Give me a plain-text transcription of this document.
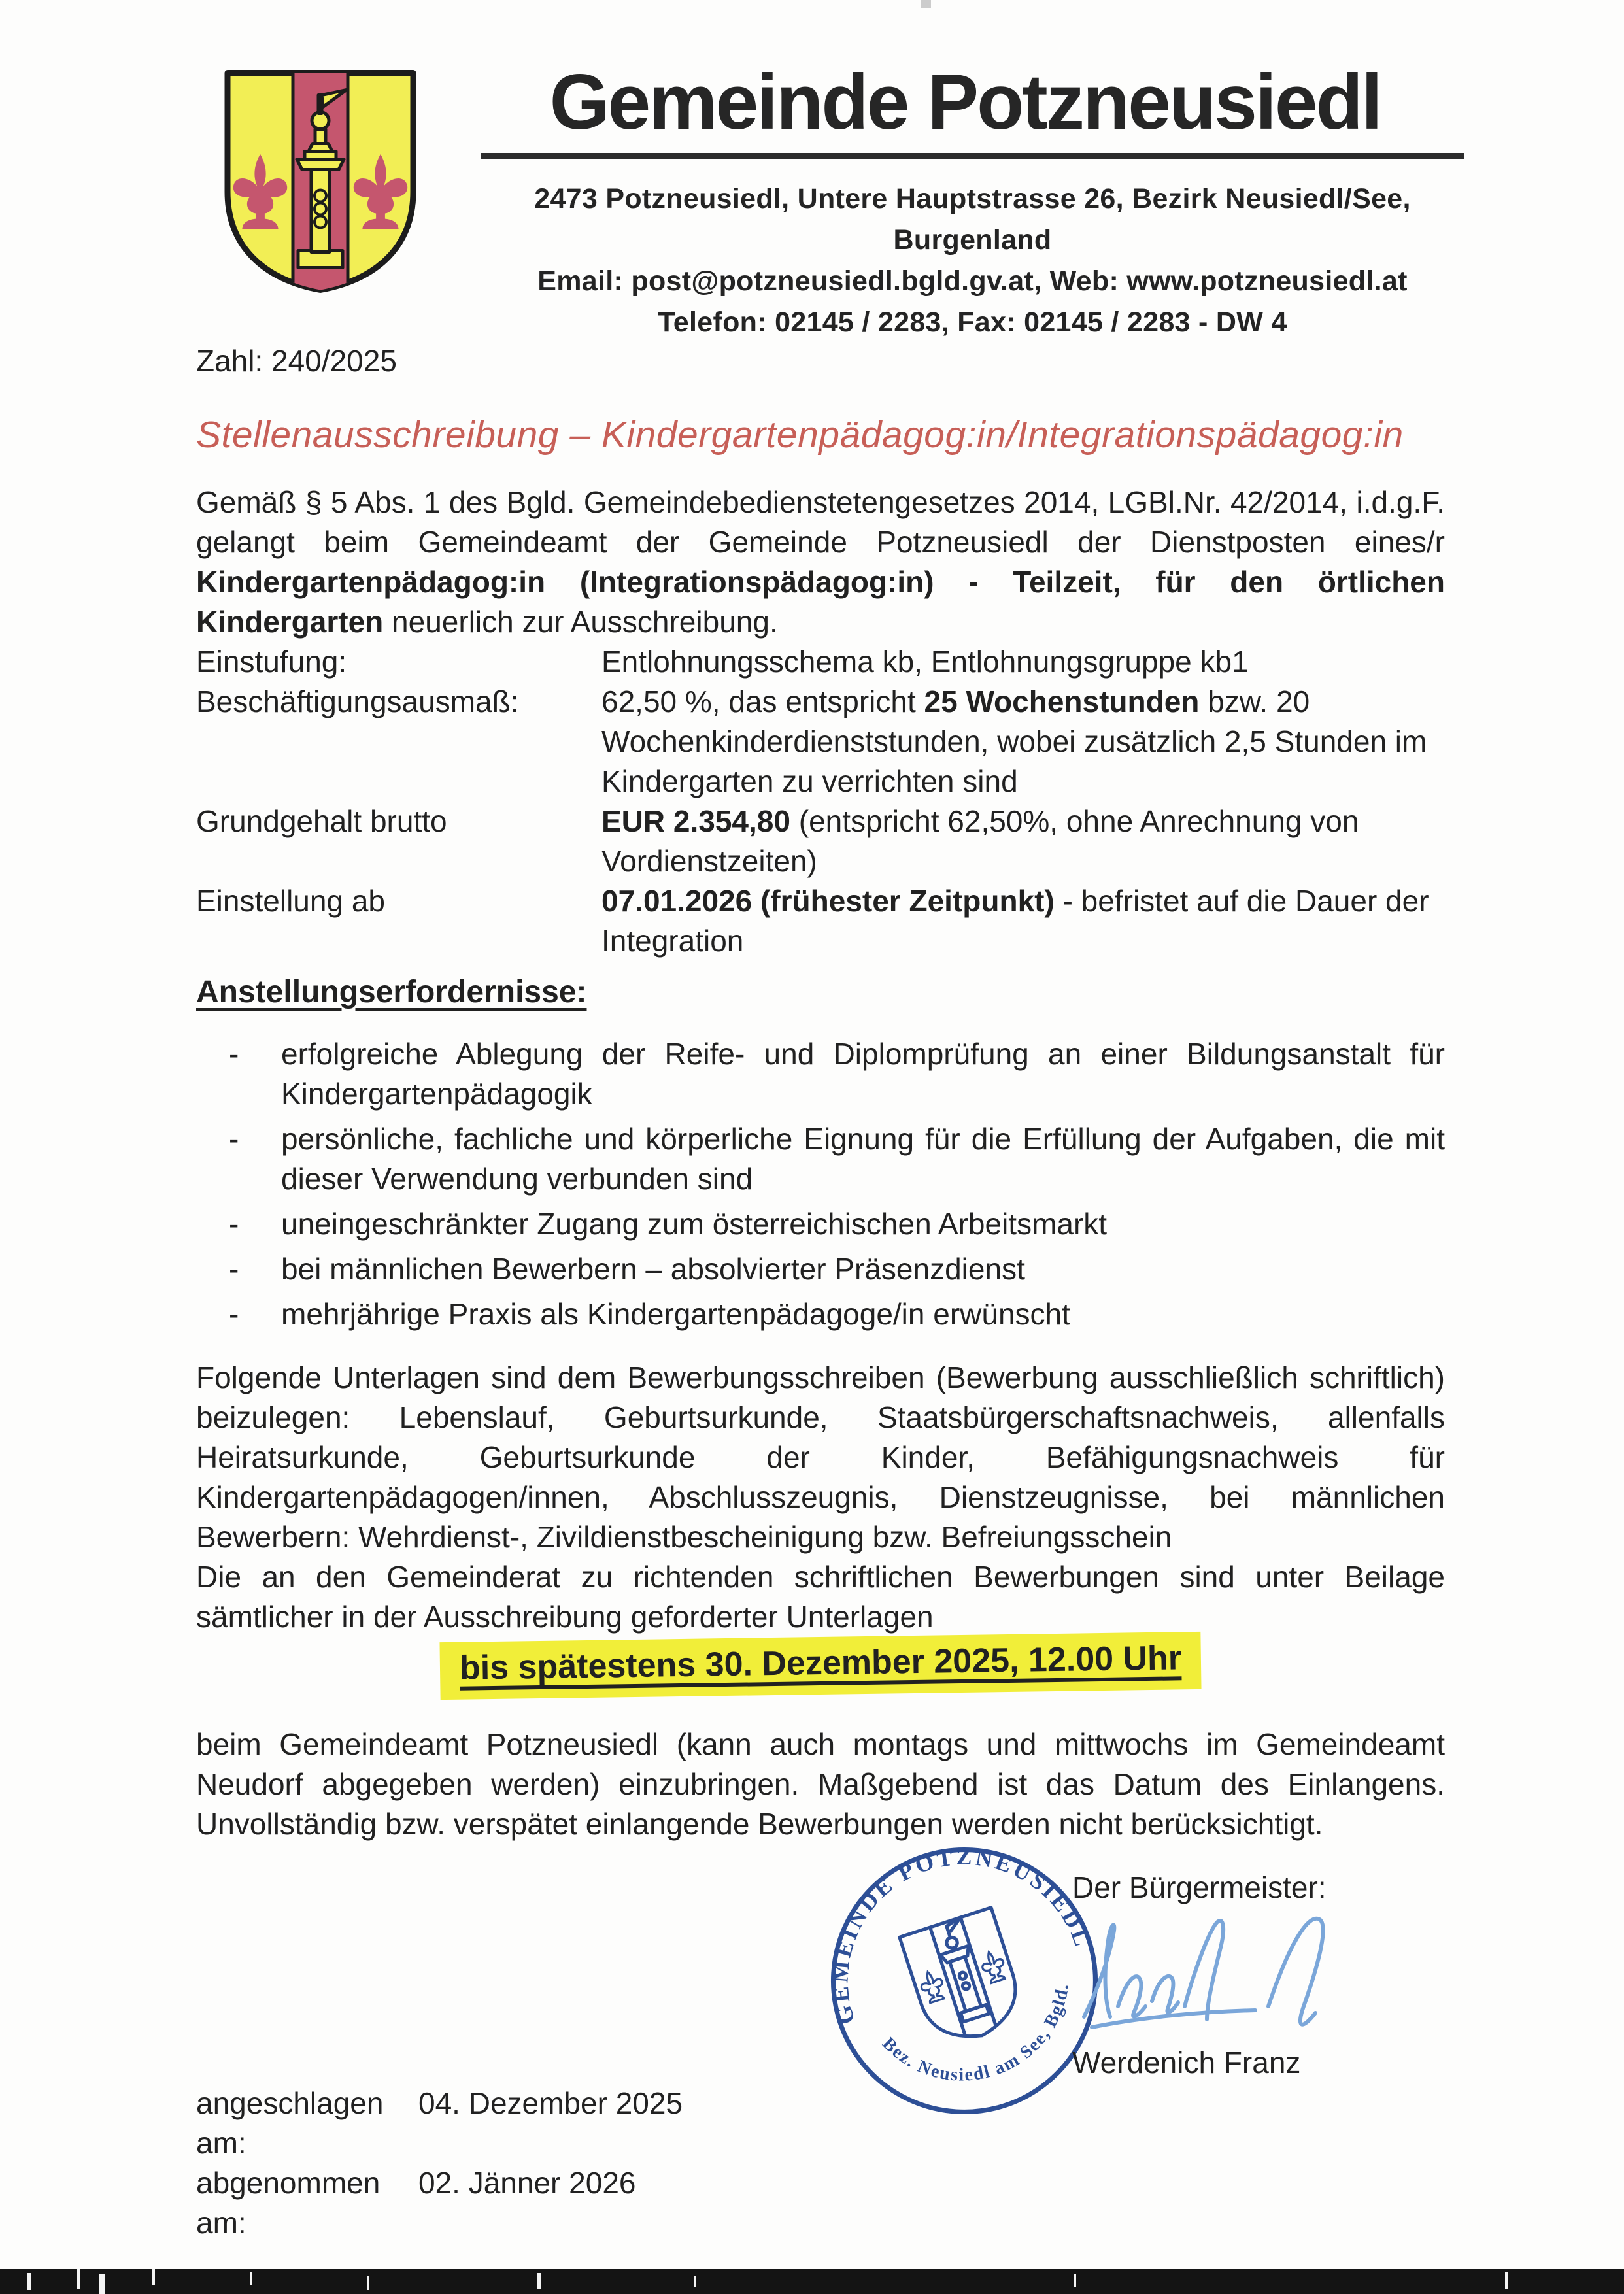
Gemeinde Potzneusiedl
2473 Potzneusiedl, Untere Hauptstrasse 26, Bezirk Neusiedl/See, Burgenland
Email: post@potzneusiedl.bgld.gv.at, Web: www.potzneusiedl.at
Telefon: 02145 / 2283, Fax: 02145 / 2283 - DW 4

Zahl: 240/2025

Stellenausschreibung – Kindergartenpädagog:in/Integrationspädagog:in

Gemäß § 5 Abs. 1 des Bgld. Gemeindebedienstetengesetzes 2014, LGBl.Nr. 42/2014, i.d.g.F. gelangt beim Gemeindeamt der Gemeinde Potzneusiedl der Dienstposten eines/r Kindergartenpädagog:in (Integrationspädagog:in) - Teilzeit, für den örtlichen Kindergarten neuerlich zur Ausschreibung.

Einstufung:	Entlohnungsschema kb, Entlohnungsgruppe kb1
Beschäftigungsausmaß:	62,50 %, das entspricht 25 Wochenstunden bzw. 20 Wochenkinderdienststunden, wobei zusätzlich 2,5 Stunden im Kindergarten zu verrichten sind
Grundgehalt brutto	EUR 2.354,80 (entspricht 62,50%, ohne Anrechnung von Vordienstzeiten)
Einstellung ab	07.01.2026 (frühester Zeitpunkt) - befristet auf die Dauer der Integration
Anstellungserfordernisse:
-	erfolgreiche Ablegung der Reife- und Diplomprüfung an einer Bildungsanstalt für Kindergartenpädagogik
-	persönliche, fachliche und körperliche Eignung für die Erfüllung der Aufgaben, die mit dieser Verwendung verbunden sind
-	uneingeschränkter Zugang zum österreichischen Arbeitsmarkt
-	bei männlichen Bewerbern – absolvierter Präsenzdienst
-	mehrjährige Praxis als Kindergartenpädagoge/in erwünscht

Folgende Unterlagen sind dem Bewerbungsschreiben (Bewerbung ausschließlich schriftlich) beizulegen: Lebenslauf, Geburtsurkunde, Staatsbürgerschaftsnachweis, allenfalls Heiratsurkunde, Geburtsurkunde der Kinder, Befähigungsnachweis für Kindergartenpädagogen/innen, Abschlusszeugnis, Dienstzeugnisse, bei männlichen Bewerbern: Wehrdienst-, Zivildienstbescheinigung bzw. Befreiungsschein

Die an den Gemeinderat zu richtenden schriftlichen Bewerbungen sind unter Beilage sämtlicher in der Ausschreibung geforderter Unterlagen

bis spätestens 30. Dezember 2025, 12.00 Uhr

beim Gemeindeamt Potzneusiedl (kann auch montags und mittwochs im Gemeindeamt Neudorf abgegeben werden) einzubringen. Maßgebend ist das Datum des Einlangens. Unvollständig bzw. verspätet einlangende Bewerbungen werden nicht berücksichtigt.

GEMEINDE POTZNEUSIEDL
Bez. Neusiedl am See, Bgld.
Der Bürgermeister:
Werdenich Franz
angeschlagen am:
04. Dezember 2025
abgenommen am:
02. Jänner 2026
